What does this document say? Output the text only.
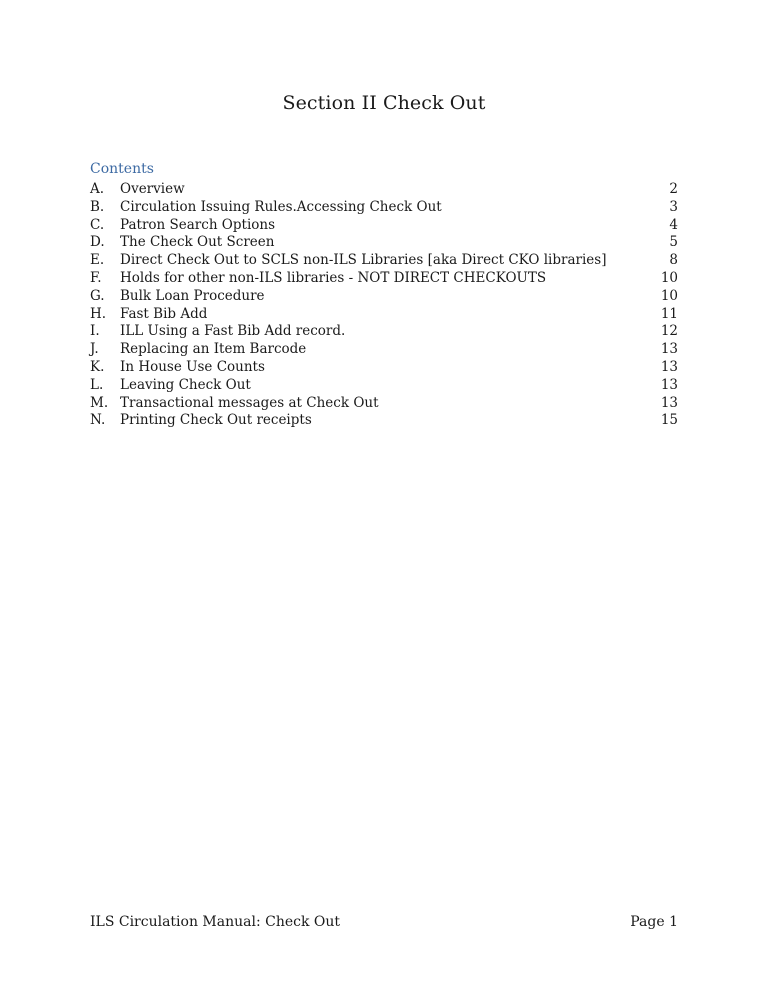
Section II Check Out
Contents
A. Overview	2
B. Circulation Issuing Rules.Accessing Check Out	3
C. Patron Search Options	4
D. The Check Out Screen	5
E. Direct Check Out to SCLS non-ILS Libraries [aka Direct CKO libraries]	8
F. Holds for other non-ILS libraries - NOT DIRECT CHECKOUTS	10
G. Bulk Loan Procedure	10
H. Fast Bib Add	11
I. ILL Using a Fast Bib Add record.	12
J. Replacing an Item Barcode	13
K. In House Use Counts	13
L. Leaving Check Out	13
M. Transactional messages at Check Out	13
N. Printing Check Out receipts	15

ILS Circulation Manual: Check Out	Page 1
